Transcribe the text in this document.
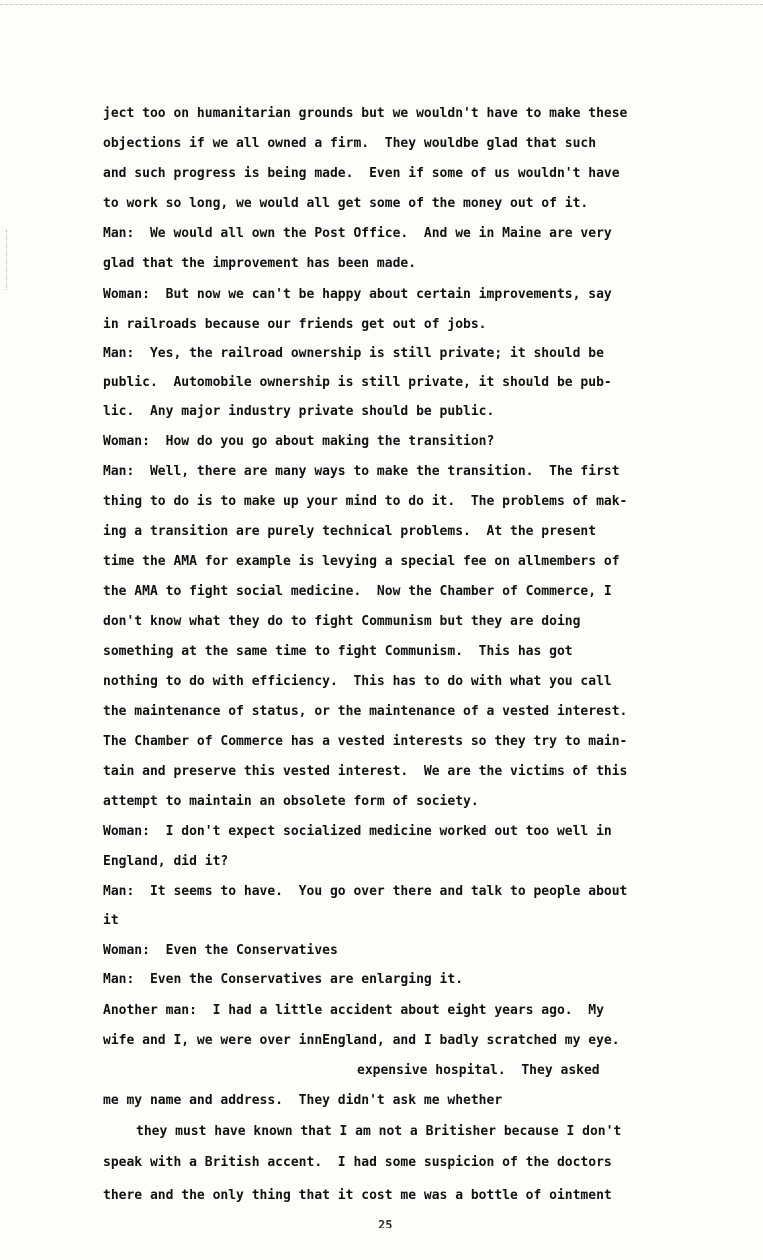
ject too on humanitarian grounds but we wouldn't have to make these

objections if we all owned a firm.  They wouldbe glad that such

and such progress is being made.  Even if some of us wouldn't have

to work so long, we would all get some of the money out of it.

Man:  We would all own the Post Office.  And we in Maine are very

glad that the improvement has been made.

Woman:  But now we can't be happy about certain improvements, say

in railroads because our friends get out of jobs.

Man:  Yes, the railroad ownership is still private; it should be

public.  Automobile ownership is still private, it should be pub-

lic.  Any major industry private should be public.

Woman:  How do you go about making the transition?

Man:  Well, there are many ways to make the transition.  The first

thing to do is to make up your mind to do it.  The problems of mak-

ing a transition are purely technical problems.  At the present

time the AMA for example is levying a special fee on allmembers of

the AMA to fight social medicine.  Now the Chamber of Commerce, I

don't know what they do to fight Communism but they are doing

something at the same time to fight Communism.  This has got

nothing to do with efficiency.  This has to do with what you call

the maintenance of status, or the maintenance of a vested interest.

The Chamber of Commerce has a vested interests so they try to main-

tain and preserve this vested interest.  We are the victims of this

attempt to maintain an obsolete form of society.

Woman:  I don't expect socialized medicine worked out too well in

England, did it?

Man:  It seems to have.  You go over there and talk to people about

it

Woman:  Even the Conservatives

Man:  Even the Conservatives are enlarging it.

Another man:  I had a little accident about eight years ago.  My

wife and I, we were over innEngland, and I badly scratched my eye.

expensive hospital.  They asked

me my name and address.  They didn't ask me whether

they must have known that I am not a Britisher because I don't

speak with a British accent.  I had some suspicion of the doctors

there and the only thing that it cost me was a bottle of ointment

25
